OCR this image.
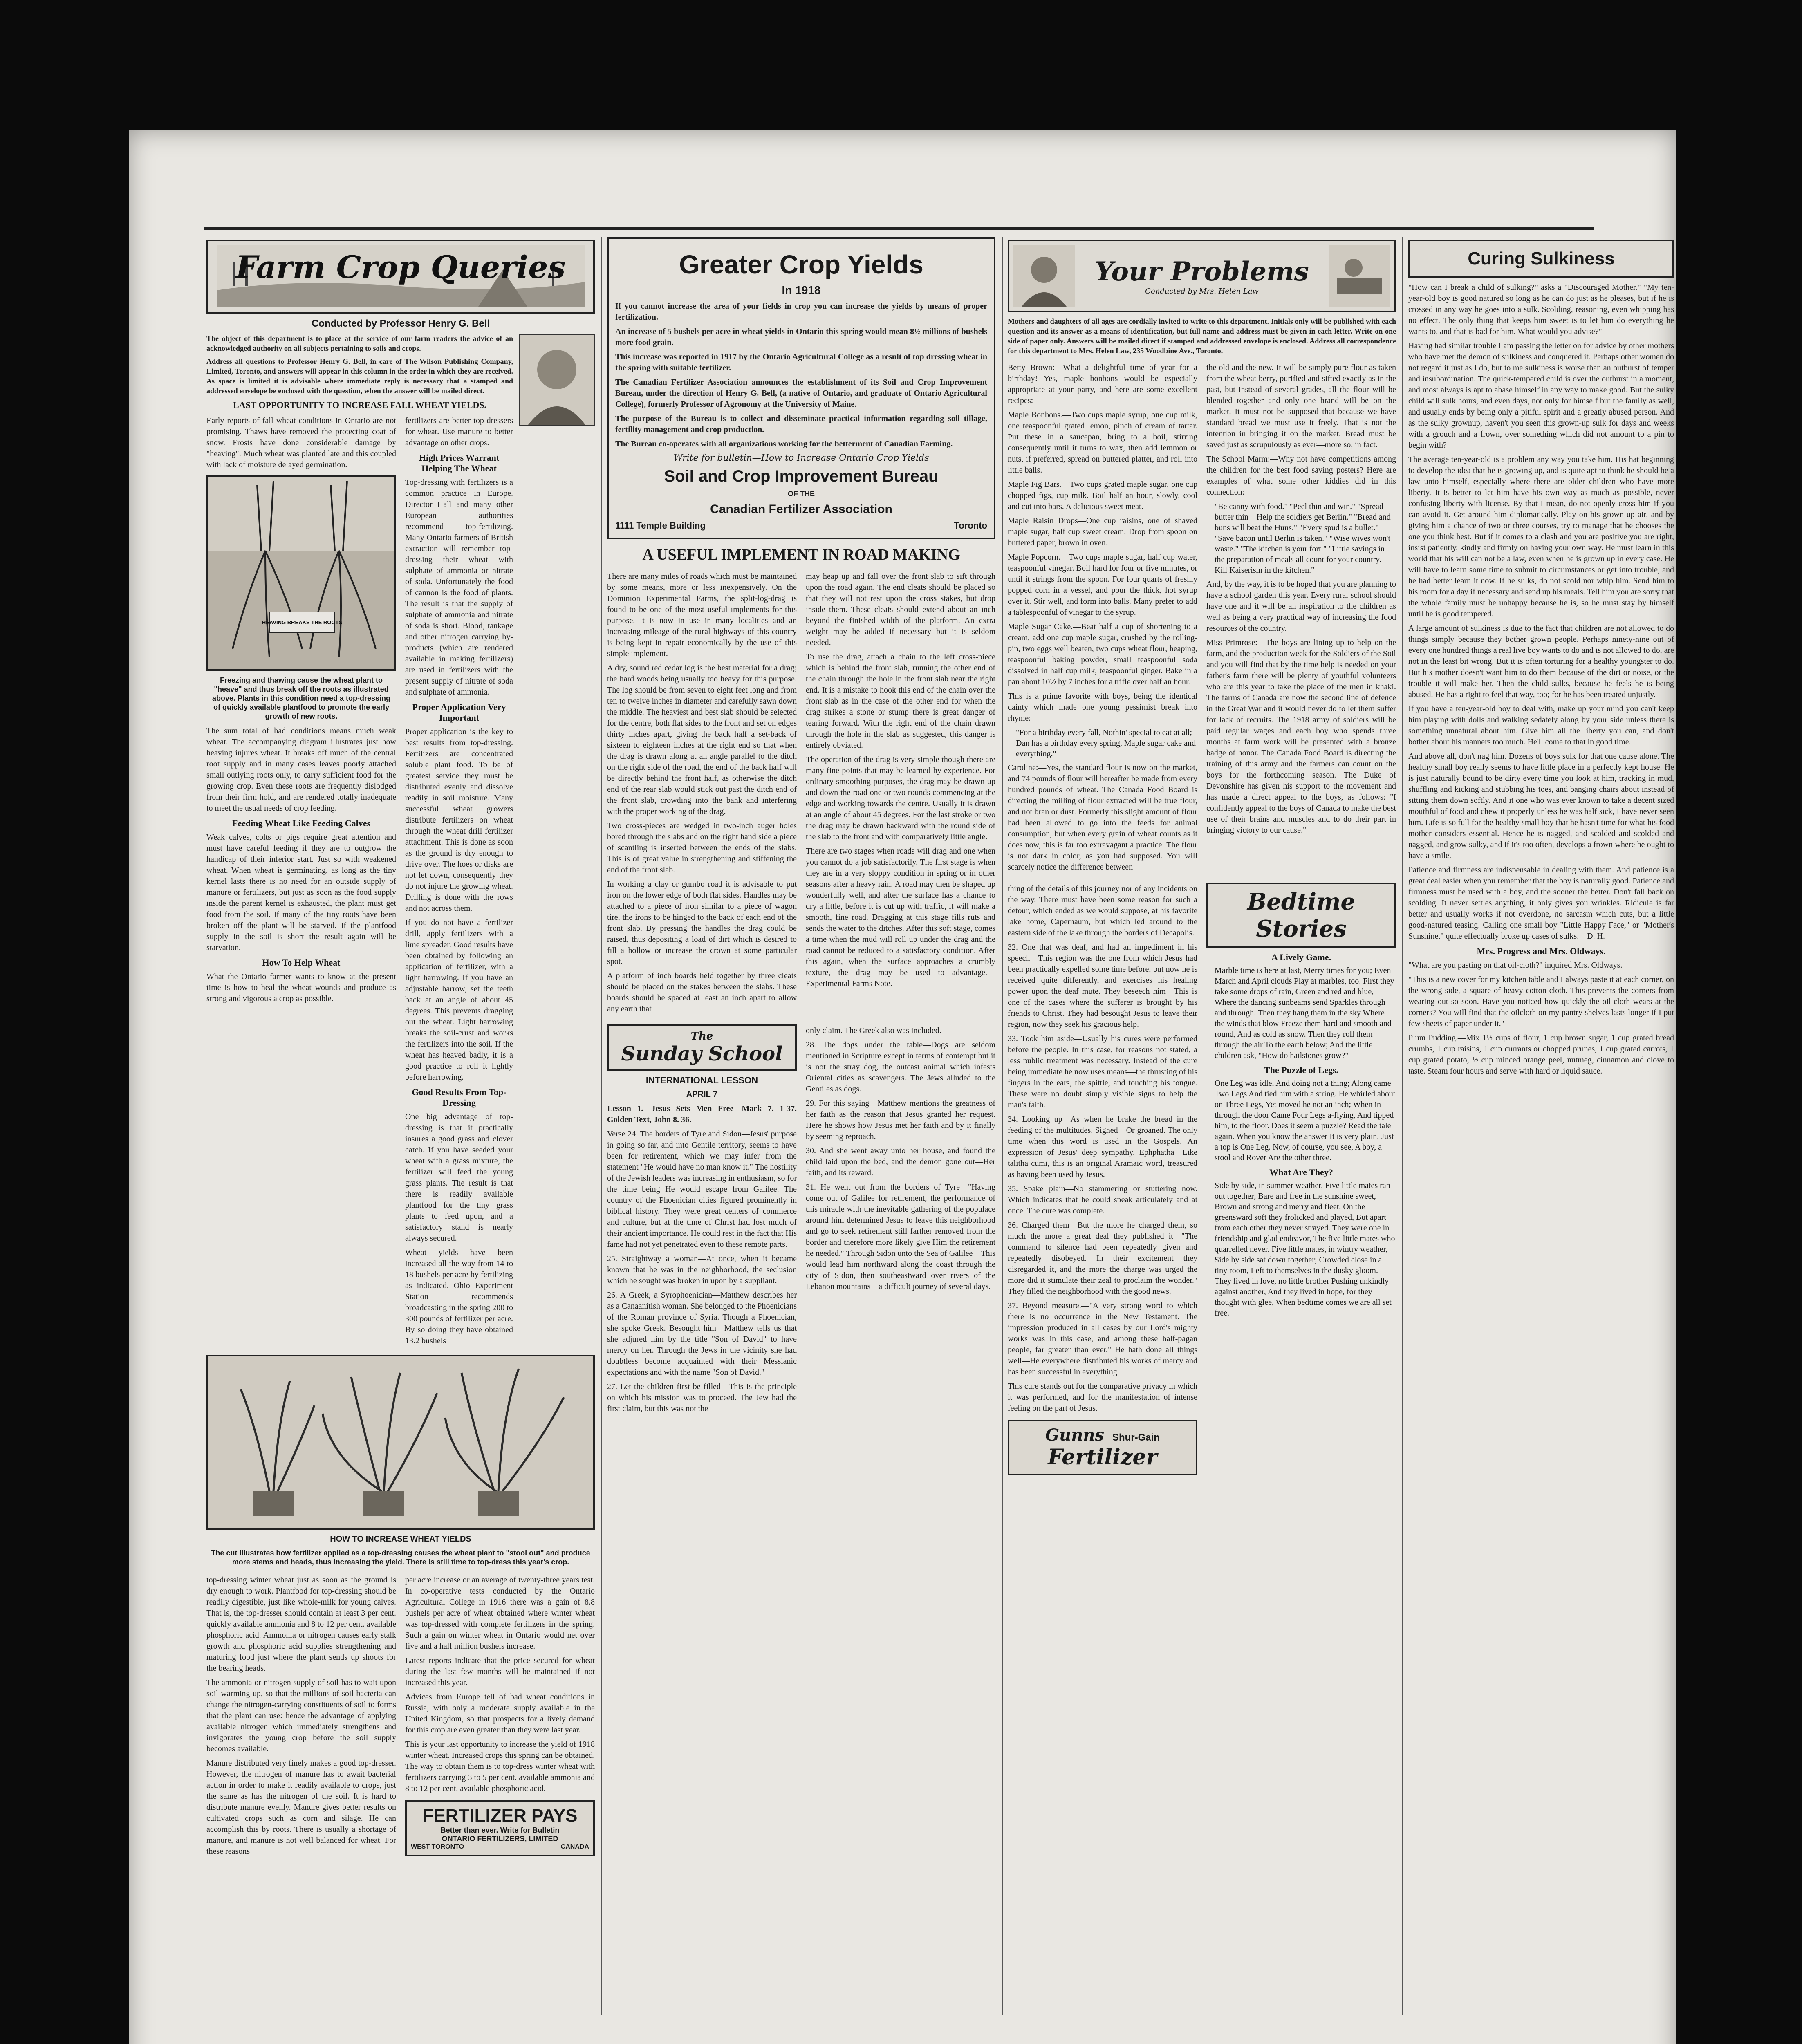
Farm Crop Queries
Conducted by Professor Henry G. Bell

The object of this department is to place at the service of our farm readers the advice of an acknowledged authority on all subjects pertaining to soils and crops.

Address all questions to Professor Henry G. Bell, in care of The Wilson Publishing Company, Limited, Toronto, and answers will appear in this column in the order in which they are received. As space is limited it is advisable where immediate reply is necessary that a stamped and addressed envelope be enclosed with the question, when the answer will be mailed direct.

LAST OPPORTUNITY TO INCREASE FALL WHEAT YIELDS.

Early reports of fall wheat conditions in Ontario are not promising. Thaws have removed the protecting coat of snow. Frosts have done considerable damage by "heaving". Much wheat was planted late and this coupled with lack of moisture delayed germination.

HEAVING BREAKS THE ROOTS
Freezing and thawing cause the wheat plant to "heave" and thus break off the roots as illustrated above. Plants in this condition need a top-dressing of quickly available plantfood to promote the early growth of new roots.

The sum total of bad conditions means much weak wheat. The accompanying diagram illustrates just how heaving injures wheat. It breaks off much of the central root supply and in many cases leaves poorly attached small outlying roots only, to carry sufficient food for the growing crop. Even these roots are frequently dislodged from their firm hold, and are rendered totally inadequate to meet the usual needs of crop feeding.

Feeding Wheat Like Feeding Calves

Weak calves, colts or pigs require great attention and must have careful feeding if they are to outgrow the handicap of their inferior start. Just so with weakened wheat. When wheat is germinating, as long as the tiny kernel lasts there is no need for an outside supply of manure or fertilizers, but just as soon as the food supply inside the parent kernel is exhausted, the plant must get food from the soil. If many of the tiny roots have been broken off the plant will be starved. If the plantfood supply in the soil is short the result again will be starvation.

How To Help Wheat

What the Ontario farmer wants to know at the present time is how to heal the wheat wounds and produce as strong and vigorous a crop as possible.

fertilizers are better top-dressers for wheat. Use manure to better advantage on other crops.

High Prices Warrant Helping The Wheat

Top-dressing with fertilizers is a common practice in Europe. Director Hall and many other European authorities recommend top-fertilizing. Many Ontario farmers of British extraction will remember top-dressing their wheat with sulphate of ammonia or nitrate of soda. Unfortunately the food of cannon is the food of plants. The result is that the supply of sulphate of ammonia and nitrate of soda is short. Blood, tankage and other nitrogen carrying by-products (which are rendered available in making fertilizers) are used in fertilizers with the present supply of nitrate of soda and sulphate of ammonia.

Proper Application Very Important

Proper application is the key to best results from top-dressing. Fertilizers are concentrated soluble plant food. To be of greatest service they must be distributed evenly and dissolve readily in soil moisture. Many successful wheat growers distribute fertilizers on wheat through the wheat drill fertilizer attachment. This is done as soon as the ground is dry enough to drive over. The hoes or disks are not let down, consequently they do not injure the growing wheat. Drilling is done with the rows and not across them.

If you do not have a fertilizer drill, apply fertilizers with a lime spreader. Good results have been obtained by following an application of fertilizer, with a light harrowing. If you have an adjustable harrow, set the teeth back at an angle of about 45 degrees. This prevents dragging out the wheat. Light harrowing breaks the soil-crust and works the fertilizers into the soil. If the wheat has heaved badly, it is a good practice to roll it lightly before harrowing.

Good Results From Top-Dressing

One big advantage of top-dressing is that it practically insures a good grass and clover catch. If you have seeded your wheat with a grass mixture, the fertilizer will feed the young grass plants. The result is that there is readily available plantfood for the tiny grass plants to feed upon, and a satisfactory stand is nearly always secured.

Wheat yields have been increased all the way from 14 to 18 bushels per acre by fertilizing as indicated. Ohio Experiment Station recommends broadcasting in the spring 200 to 300 pounds of fertilizer per acre. By so doing they have obtained 13.2 bushels

HOW TO INCREASE WHEAT YIELDS
The cut illustrates how fertilizer applied as a top-dressing causes the wheat plant to "stool out" and produce more stems and heads, thus increasing the yield. There is still time to top-dress this year's crop.

top-dressing winter wheat just as soon as the ground is dry enough to work. Plantfood for top-dressing should be readily digestible, just like whole-milk for young calves. That is, the top-dresser should contain at least 3 per cent. quickly available ammonia and 8 to 12 per cent. available phosphoric acid. Ammonia or nitrogen causes early stalk growth and phosphoric acid supplies strengthening and maturing food just where the plant sends up shoots for the bearing heads.

The ammonia or nitrogen supply of soil has to wait upon soil warming up, so that the millions of soil bacteria can change the nitrogen-carrying constituents of soil to forms that the plant can use: hence the advantage of applying available nitrogen which immediately strengthens and invigorates the young crop before the soil supply becomes available.

Manure distributed very finely makes a good top-dresser. However, the nitrogen of manure has to await bacterial action in order to make it readily available to crops, just the same as has the nitrogen of the soil. It is hard to distribute manure evenly. Manure gives better results on cultivated crops such as corn and silage. He can accomplish this by roots. There is usually a shortage of manure, and manure is not well balanced for wheat. For these reasons

per acre increase or an average of twenty-three years test. In co-operative tests conducted by the Ontario Agricultural College in 1916 there was a gain of 8.8 bushels per acre of wheat obtained where winter wheat was top-dressed with complete fertilizers in the spring. Such a gain on winter wheat in Ontario would net over five and a half million bushels increase.

Latest reports indicate that the price secured for wheat during the last few months will be maintained if not increased this year.

Advices from Europe tell of bad wheat conditions in Russia, with only a moderate supply available in the United Kingdom, so that prospects for a lively demand for this crop are even greater than they were last year.

This is your last opportunity to increase the yield of 1918 winter wheat. Increased crops this spring can be obtained. The way to obtain them is to top-dress winter wheat with fertilizers carrying 3 to 5 per cent. available ammonia and 8 to 12 per cent. available phosphoric acid.

FERTILIZER PAYS
Better than ever. Write for Bulletin
ONTARIO FERTILIZERS, LIMITED
WEST TORONTO	CANADA
Greater Crop Yields
In 1918

If you cannot increase the area of your fields in crop you can increase the yields by means of proper fertilization.

An increase of 5 bushels per acre in wheat yields in Ontario this spring would mean 8½ millions of bushels more food grain.

This increase was reported in 1917 by the Ontario Agricultural College as a result of top dressing wheat in the spring with suitable fertilizer.

The Canadian Fertilizer Association announces the establishment of its Soil and Crop Improvement Bureau, under the direction of Henry G. Bell, (a native of Ontario, and graduate of Ontario Agricultural College), formerly Professor of Agronomy at the University of Maine.

The purpose of the Bureau is to collect and disseminate practical information regarding soil tillage, fertility management and crop production.

The Bureau co-operates with all organizations working for the betterment of Canadian Farming.

Write for bulletin—How to Increase Ontario Crop Yields
Soil and Crop Improvement Bureau
OF THE
Canadian Fertilizer Association
1111 Temple Building	Toronto
A USEFUL IMPLEMENT IN ROAD MAKING

There are many miles of roads which must be maintained by some means, more or less inexpensively. On the Dominion Experimental Farms, the split-log-drag is found to be one of the most useful implements for this purpose. It is now in use in many localities and an increasing mileage of the rural highways of this country is being kept in repair economically by the use of this simple implement.

A dry, sound red cedar log is the best material for a drag; the hard woods being usually too heavy for this purpose. The log should be from seven to eight feet long and from ten to twelve inches in diameter and carefully sawn down the middle. The heaviest and best slab should be selected for the centre, both flat sides to the front and set on edges thirty inches apart, giving the back half a set-back of sixteen to eighteen inches at the right end so that when the drag is drawn along at an angle parallel to the ditch on the right side of the road, the end of the back half will be directly behind the front half, as otherwise the ditch end of the rear slab would stick out past the ditch end of the front slab, crowding into the bank and interfering with the proper working of the drag.

Two cross-pieces are wedged in two-inch auger holes bored through the slabs and on the right hand side a piece of scantling is inserted between the ends of the slabs. This is of great value in strengthening and stiffening the end of the front slab.

In working a clay or gumbo road it is advisable to put iron on the lower edge of both flat sides. Handles may be attached to a piece of iron similar to a piece of wagon tire, the irons to be hinged to the back of each end of the front slab. By pressing the handles the drag could be raised, thus depositing a load of dirt which is desired to fill a hollow or increase the crown at some particular spot.

A platform of inch boards held together by three cleats should be placed on the stakes between the slabs. These boards should be spaced at least an inch apart to allow any earth that

may heap up and fall over the front slab to sift through upon the road again. The end cleats should be placed so that they will not rest upon the cross stakes, but drop inside them. These cleats should extend about an inch beyond the finished width of the platform. An extra weight may be added if necessary but it is seldom needed.

To use the drag, attach a chain to the left cross-piece which is behind the front slab, running the other end of the chain through the hole in the front slab near the right end. It is a mistake to hook this end of the chain over the front slab as in the case of the other end for when the drag strikes a stone or stump there is great danger of tearing forward. With the right end of the chain drawn through the hole in the slab as suggested, this danger is entirely obviated.

The operation of the drag is very simple though there are many fine points that may be learned by experience. For ordinary smoothing purposes, the drag may be drawn up and down the road one or two rounds commencing at the edge and working towards the centre. Usually it is drawn at an angle of about 45 degrees. For the last stroke or two the drag may be drawn backward with the round side of the slab to the front and with comparatively little angle.

There are two stages when roads will drag and one when you cannot do a job satisfactorily. The first stage is when they are in a very sloppy condition in spring or in other seasons after a heavy rain. A road may then be shaped up wonderfully well, and after the surface has a chance to dry a little, before it is cut up with traffic, it will make a smooth, fine road. Dragging at this stage fills ruts and sends the water to the ditches. After this soft stage, comes a time when the mud will roll up under the drag and the road cannot be reduced to a satisfactory condition. After this again, when the surface approaches a crumbly texture, the drag may be used to advantage.—Experimental Farms Note.

The
Sunday School
INTERNATIONAL LESSON
APRIL 7

Lesson 1.—Jesus Sets Men Free—Mark 7. 1-37. Golden Text, John 8. 36.

Verse 24. The borders of Tyre and Sidon—Jesus' purpose in going so far, and into Gentile territory, seems to have been for retirement, which we may infer from the statement "He would have no man know it." The hostility of the Jewish leaders was increasing in enthusiasm, so for the time being He would escape from Galilee. The country of the Phoenician cities figured prominently in biblical history. They were great centers of commerce and culture, but at the time of Christ had lost much of their ancient importance. He could rest in the fact that His fame had not yet penetrated even to these remote parts.

25. Straightway a woman—At once, when it became known that he was in the neighborhood, the seclusion which he sought was broken in upon by a suppliant.

26. A Greek, a Syrophoenician—Matthew describes her as a Canaanitish woman. She belonged to the Phoenicians of the Roman province of Syria. Though a Phoenician, she spoke Greek. Besought him—Matthew tells us that she adjured him by the title "Son of David" to have mercy on her. Through the Jews in the vicinity she had doubtless become acquainted with their Messianic expectations and with the name "Son of David."

27. Let the children first be filled—This is the principle on which his mission was to proceed. The Jew had the first claim, but this was not the

only claim. The Greek also was included.

28. The dogs under the table—Dogs are seldom mentioned in Scripture except in terms of contempt but it is not the stray dog, the outcast animal which infests Oriental cities as scavengers. The Jews alluded to the Gentiles as dogs.

29. For this saying—Matthew mentions the greatness of her faith as the reason that Jesus granted her request. Here he shows how Jesus met her faith and by it finally by seeming reproach.

30. And she went away unto her house, and found the child laid upon the bed, and the demon gone out—Her faith, and its reward.

31. He went out from the borders of Tyre—"Having come out of Galilee for retirement, the performance of this miracle with the inevitable gathering of the populace around him determined Jesus to leave this neighborhood and go to seek retirement still farther removed from the border and therefore more likely give Him the retirement he needed." Through Sidon unto the Sea of Galilee—This would lead him northward along the coast through the city of Sidon, then southeastward over rivers of the Lebanon mountains—a difficult journey of several days.

Your Problems
Conducted by Mrs. Helen Law

Mothers and daughters of all ages are cordially invited to write to this department. Initials only will be published with each question and its answer as a means of identification, but full name and address must be given in each letter. Write on one side of paper only. Answers will be mailed direct if stamped and addressed envelope is enclosed. Address all correspondence for this department to Mrs. Helen Law, 235 Woodbine Ave., Toronto.

Betty Brown:—What a delightful time of year for a birthday! Yes, maple bonbons would be especially appropriate at your party, and here are some excellent recipes:

Maple Bonbons.—Two cups maple syrup, one cup milk, one teaspoonful grated lemon, pinch of cream of tartar. Put these in a saucepan, bring to a boil, stirring consequently until it turns to wax, then add lemmon or nuts, if preferred, spread on buttered platter, and roll into little balls.

Maple Fig Bars.—Two cups grated maple sugar, one cup chopped figs, cup milk. Boil half an hour, slowly, cool and cut into bars. A delicious sweet meat.

Maple Raisin Drops—One cup raisins, one of shaved maple sugar, half cup sweet cream. Drop from spoon on buttered paper, brown in oven.

Maple Popcorn.—Two cups maple sugar, half cup water, teaspoonful vinegar. Boil hard for four or five minutes, or until it strings from the spoon. For four quarts of freshly popped corn in a vessel, and pour the thick, hot syrup over it. Stir well, and form into balls. Many prefer to add a tablespoonful of vinegar to the syrup.

Maple Sugar Cake.—Beat half a cup of shortening to a cream, add one cup maple sugar, crushed by the rolling-pin, two eggs well beaten, two cups wheat flour, heaping, teaspoonful baking powder, small teaspoonful soda dissolved in half cup milk, teaspoonful ginger. Bake in a pan about 10½ by 7 inches for a trifle over half an hour.

This is a prime favorite with boys, being the identical dainty which made one young pessimist break into rhyme:

"For a birthday every fall, Nothin' special to eat at all; Dan has a birthday every spring, Maple sugar cake and everything."

Caroline:—Yes, the standard flour is now on the market, and 74 pounds of flour will hereafter be made from every hundred pounds of wheat. The Canada Food Board is directing the milling of flour extracted will be true flour, and not bran or dust. Formerly this slight amount of flour had been allowed to go into the feeds for animal consumption, but when every grain of wheat counts as it does now, this is far too extravagant a practice. The flour is not dark in color, as you had supposed. You will scarcely notice the difference between

the old and the new. It will be simply pure flour as taken from the wheat berry, purified and sifted exactly as in the past, but instead of several grades, all the flour will be blended together and only one brand will be on the market. It must not be supposed that because we have standard bread we must use it freely. That is not the intention in bringing it on the market. Bread must be saved just as scrupulously as ever—more so, in fact.

The School Marm:—Why not have competitions among the children for the best food saving posters? Here are examples of what some other kiddies did in this connection:

"Be canny with food." "Peel thin and win." "Spread butter thin—Help the soldiers get Berlin." "Bread and buns will beat the Huns." "Every spud is a bullet." "Save bacon until Berlin is taken." "Wise wives won't waste." "The kitchen is your fort." "Little savings in the preparation of meals all count for your country. Kill Kaiserism in the kitchen."

And, by the way, it is to be hoped that you are planning to have a school garden this year. Every rural school should have one and it will be an inspiration to the children as well as being a very practical way of increasing the food resources of the country.

Miss Primrose:—The boys are lining up to help on the farm, and the production week for the Soldiers of the Soil and you will find that by the time help is needed on your father's farm there will be plenty of youthful volunteers who are this year to take the place of the men in khaki. The farms of Canada are now the second line of defence in the Great War and it would never do to let them suffer for lack of recruits. The 1918 army of soldiers will be paid regular wages and each boy who spends three months at farm work will be presented with a bronze badge of honor. The Canada Food Board is directing the training of this army and the farmers can count on the boys for the forthcoming season. The Duke of Devonshire has given his support to the movement and has made a direct appeal to the boys, as follows: "I confidently appeal to the boys of Canada to make the best use of their brains and muscles and to do their part in bringing victory to our cause."

thing of the details of this journey nor of any incidents on the way. There must have been some reason for such a detour, which ended as we would suppose, at his favorite lake home, Capernaum, but which led around to the eastern side of the lake through the borders of Decapolis.

32. One that was deaf, and had an impediment in his speech—This region was the one from which Jesus had been practically expelled some time before, but now he is received quite differently, and exercises his healing power upon the deaf mute. They beseech him—This is one of the cases where the sufferer is brought by his friends to Christ. They had besought Jesus to leave their region, now they seek his gracious help.

33. Took him aside—Usually his cures were performed before the people. In this case, for reasons not stated, a less public treatment was necessary. Instead of the cure being immediate he now uses means—the thrusting of his fingers in the ears, the spittle, and touching his tongue. These were no doubt simply visible signs to help the man's faith.

34. Looking up—As when he brake the bread in the feeding of the multitudes. Sighed—Or groaned. The only time when this word is used in the Gospels. An expression of Jesus' deep sympathy. Ephphatha—Like talitha cumi, this is an original Aramaic word, treasured as having been used by Jesus.

35. Spake plain—No stammering or stuttering now. Which indicates that he could speak articulately and at once. The cure was complete.

36. Charged them—But the more he charged them, so much the more a great deal they published it—"The command to silence had been repeatedly given and repeatedly disobeyed. In their excitement they disregarded it, and the more the charge was urged the more did it stimulate their zeal to proclaim the wonder." They filled the neighborhood with the good news.

37. Beyond measure.—"A very strong word to which there is no occurrence in the New Testament. The impression produced in all cases by our Lord's mighty works was in this case, and among these half-pagan people, far greater than ever." He hath done all things well—He everywhere distributed his works of mercy and has been successful in everything.

This cure stands out for the comparative privacy in which it was performed, and for the manifestation of intense feeling on the part of Jesus.

Gunns Shur-Gain
Fertilizer
Bedtime Stories
A Lively Game.
Marble time is here at last, Merry times for you; Even March and April clouds Play at marbles, too. First they take some drops of rain, Green and red and blue, Where the dancing sunbeams send Sparkles through and through. Then they hang them in the sky Where the winds that blow Freeze them hard and smooth and round, And as cold as snow. Then they roll them through the air To the earth below; And the little children ask, "How do hailstones grow?"
The Puzzle of Legs.
One Leg was idle, And doing not a thing; Along came Two Legs And tied him with a string. He whirled about on Three Legs, Yet moved he not an inch; When in through the door Came Four Legs a-flying, And tipped him, to the floor. Does it seem a puzzle? Read the tale again. When you know the answer It is very plain. Just a top is One Leg. Now, of course, you see, A boy, a stool and Rover Are the other three.
What Are They?
Side by side, in summer weather, Five little mates ran out together; Bare and free in the sunshine sweet, Brown and strong and merry and fleet. On the greensward soft they frolicked and played, But apart from each other they never strayed. They were one in friendship and glad endeavor, The five little mates who quarrelled never. Five little mates, in wintry weather, Side by side sat down together; Crowded close in a tiny room, Left to themselves in the dusky gloom. They lived in love, no little brother Pushing unkindly against another, And they lived in hope, for they thought with glee, When bedtime comes we are all set free.
Curing Sulkiness

"How can I break a child of sulking?" asks a "Discouraged Mother." "My ten-year-old boy is good natured so long as he can do just as he pleases, but if he is crossed in any way he goes into a sulk. Scolding, reasoning, even whipping has no effect. The only thing that keeps him sweet is to let him do everything he wants to, and that is bad for him. What would you advise?"

Having had similar trouble I am passing the letter on for advice by other mothers who have met the demon of sulkiness and conquered it. Perhaps other women do not regard it just as I do, but to me sulkiness is worse than an outburst of temper and insubordination. The quick-tempered child is over the outburst in a moment, and most always is apt to abase himself in any way to make good. But the sulky child will sulk hours, and even days, not only for himself but the family as well, and usually ends by being only a pitiful spirit and a greatly abused person. And as the sulky grownup, haven't you seen this grown-up sulk for days and weeks with a grouch and a frown, over something which did not amount to a pin to begin with?

The average ten-year-old is a problem any way you take him. His hat beginning to develop the idea that he is growing up, and is quite apt to think he should be a law unto himself, especially where there are older children who have more liberty. It is better to let him have his own way as much as possible, never confusing liberty with license. By that I mean, do not openly cross him if you can avoid it. Get around him diplomatically. Play on his grown-up air, and by giving him a chance of two or three courses, try to manage that he chooses the one you think best. But if it comes to a clash and you are positive you are right, insist patiently, kindly and firmly on having your own way. He must learn in this world that his will can not be a law, even when he is grown up in every case. He will have to learn some time to submit to circumstances or get into trouble, and he had better learn it now. If he sulks, do not scold nor whip him. Send him to his room for a day if necessary and send up his meals. Tell him you are sorry that the whole family must be unhappy because he is, so he must stay by himself until he is good tempered.

A large amount of sulkiness is due to the fact that children are not allowed to do things simply because they bother grown people. Perhaps ninety-nine out of every one hundred things a real live boy wants to do and is not allowed to do, are not in the least bit wrong. But it is often torturing for a healthy youngster to do. But his mother doesn't want him to do them because of the dirt or noise, or the trouble it will make her. Then the child sulks, because he feels he is being abused. He has a right to feel that way, too; for he has been treated unjustly.

If you have a ten-year-old boy to deal with, make up your mind you can't keep him playing with dolls and walking sedately along by your side unless there is something unnatural about him. Give him all the liberty you can, and don't bother about his manners too much. He'll come to that in good time.

And above all, don't nag him. Dozens of boys sulk for that one cause alone. The healthy small boy really seems to have little place in a perfectly kept house. He is just naturally bound to be dirty every time you look at him, tracking in mud, shuffling and kicking and stubbing his toes, and banging chairs about instead of sitting them down softly. And it one who was ever known to take a decent sized mouthful of food and chew it properly unless he was half sick, I have never seen him. Life is so full for the healthy small boy that he hasn't time for what his food mother considers essential. Hence he is nagged, and scolded and scolded and nagged, and grow sulky, and if it's too often, develops a frown where he ought to have a smile.

Patience and firmness are indispensable in dealing with them. And patience is a great deal easier when you remember that the boy is naturally good. Patience and firmness must be used with a boy, and the sooner the better. Don't fall back on scolding. It never settles anything, it only gives you wrinkles. Ridicule is far better and usually works if not overdone, no sarcasm which cuts, but a little good-natured teasing. Calling one small boy "Little Happy Face," or "Mother's Sunshine," quite effectually broke up cases of sulks.—D. H.

Mrs. Progress and Mrs. Oldways.

"What are you pasting on that oil-cloth?" inquired Mrs. Oldways.

"This is a new cover for my kitchen table and I always paste it at each corner, on the wrong side, a square of heavy cotton cloth. This prevents the corners from wearing out so soon. Have you noticed how quickly the oil-cloth wears at the corners? You will find that the oilcloth on my pantry shelves lasts longer if I put few sheets of paper under it."

Plum Pudding.—Mix 1½ cups of flour, 1 cup brown sugar, 1 cup grated bread crumbs, 1 cup raisins, 1 cup currants or chopped prunes, 1 cup grated carrots, 1 cup grated potato, ½ cup minced orange peel, nutmeg, cinnamon and clove to taste. Steam four hours and serve with hard or liquid sauce.
